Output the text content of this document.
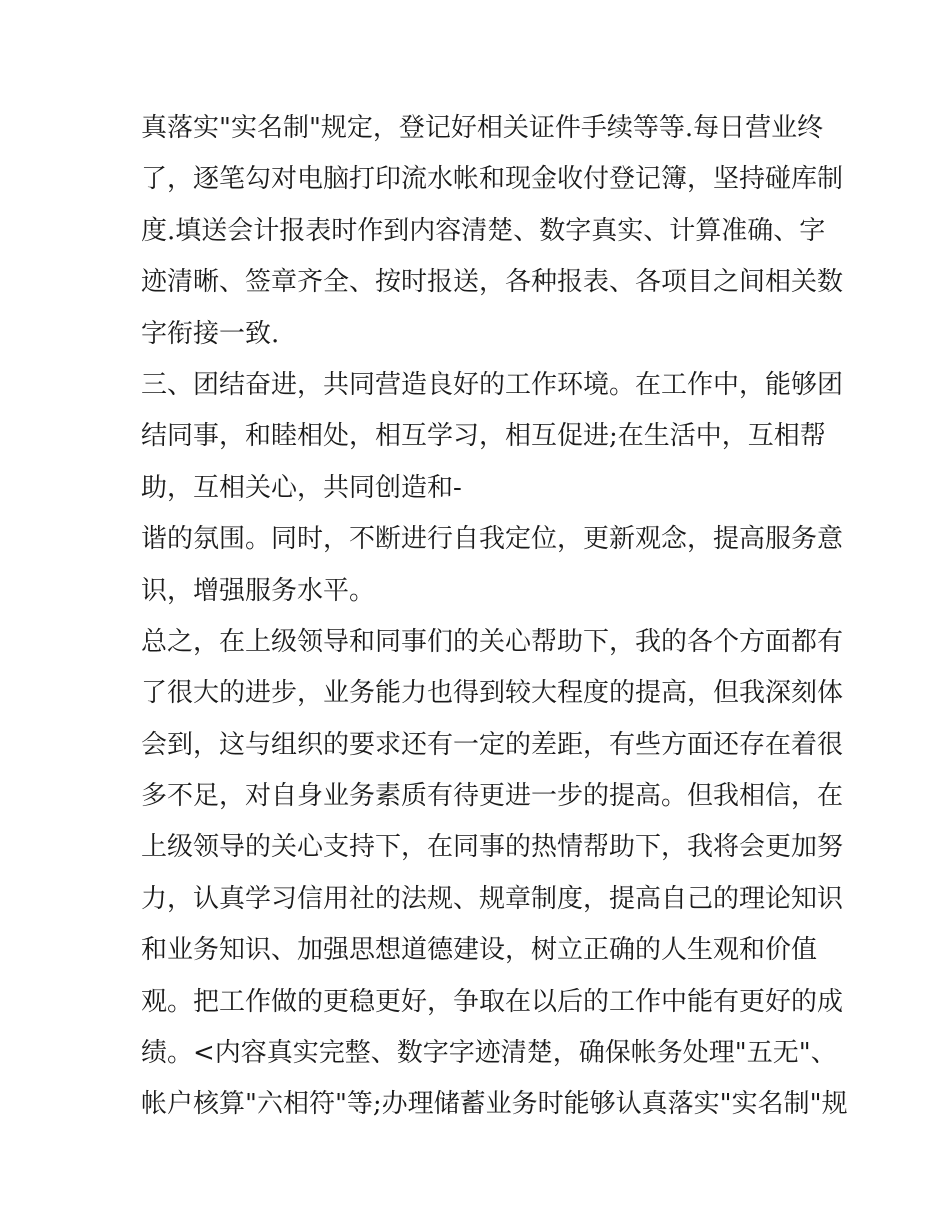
真落实"实名制"规定，登记好相关证件手续等等.每日营业终
了，逐笔勾对电脑打印流水帐和现金收付登记簿，坚持碰库制
度.填送会计报表时作到内容清楚、数字真实、计算准确、字
迹清晰、签章齐全、按时报送，各种报表、各项目之间相关数
字衔接一致.
三、团结奋进，共同营造良好的工作环境。在工作中，能够团
结同事，和睦相处，相互学习，相互促进;在生活中，互相帮
助，互相关心，共同创造和-
谐的氛围。同时，不断进行自我定位，更新观念，提高服务意
识，增强服务水平。
总之，在上级领导和同事们的关心帮助下，我的各个方面都有
了很大的进步，业务能力也得到较大程度的提高，但我深刻体
会到，这与组织的要求还有一定的差距，有些方面还存在着很
多不足，对自身业务素质有待更进一步的提高。但我相信，在
上级领导的关心支持下，在同事的热情帮助下，我将会更加努
力，认真学习信用社的法规、规章制度，提高自己的理论知识
和业务知识、加强思想道德建设，树立正确的人生观和价值
观。把工作做的更稳更好，争取在以后的工作中能有更好的成
绩。<内容真实完整、数字字迹清楚，确保帐务处理"五无"、
帐户核算"六相符"等;办理储蓄业务时能够认真落实"实名制"规
